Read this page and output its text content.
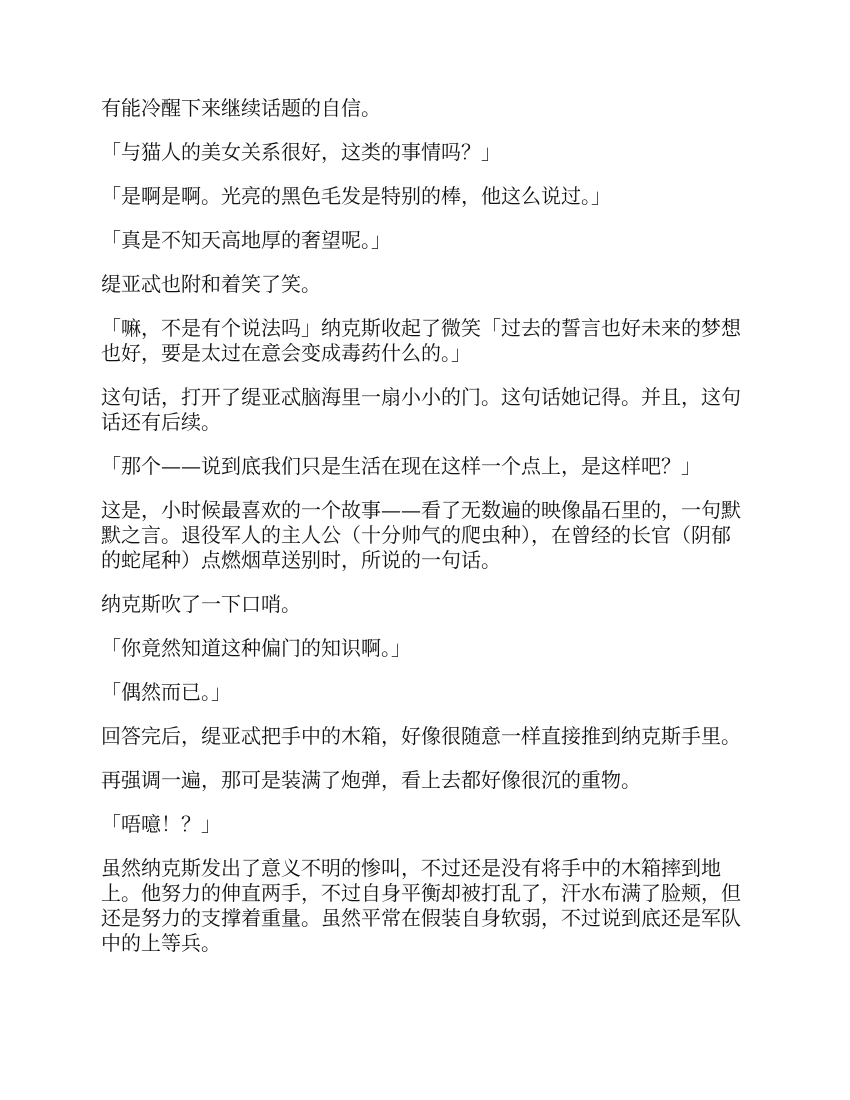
有能冷醒下来继续话题的自信。

「与猫人的美女关系很好，这类的事情吗？」

「是啊是啊。光亮的黑色毛发是特别的棒，他这么说过。」

「真是不知天高地厚的奢望呢。」

缇亚忒也附和着笑了笑。

「嘛，不是有个说法吗」纳克斯收起了微笑「过去的誓言也好未来的梦想也好，要是太过在意会变成毒药什么的。」

这句话，打开了缇亚忒脑海里一扇小小的门。这句话她记得。并且，这句话还有后续。

「那个——说到底我们只是生活在现在这样一个点上，是这样吧？」

这是，小时候最喜欢的一个故事——看了无数遍的映像晶石里的，一句默默之言。退役军人的主人公（十分帅气的爬虫种），在曾经的长官（阴郁的蛇尾种）点燃烟草送别时，所说的一句话。

纳克斯吹了一下口哨。

「你竟然知道这种偏门的知识啊。」

「偶然而已。」

回答完后，缇亚忒把手中的木箱，好像很随意一样直接推到纳克斯手里。

再强调一遍，那可是装满了炮弹，看上去都好像很沉的重物。

「唔噫！？」

虽然纳克斯发出了意义不明的惨叫，不过还是没有将手中的木箱摔到地上。他努力的伸直两手，不过自身平衡却被打乱了，汗水布满了脸颊，但还是努力的支撑着重量。虽然平常在假装自身软弱，不过说到底还是军队中的上等兵。
